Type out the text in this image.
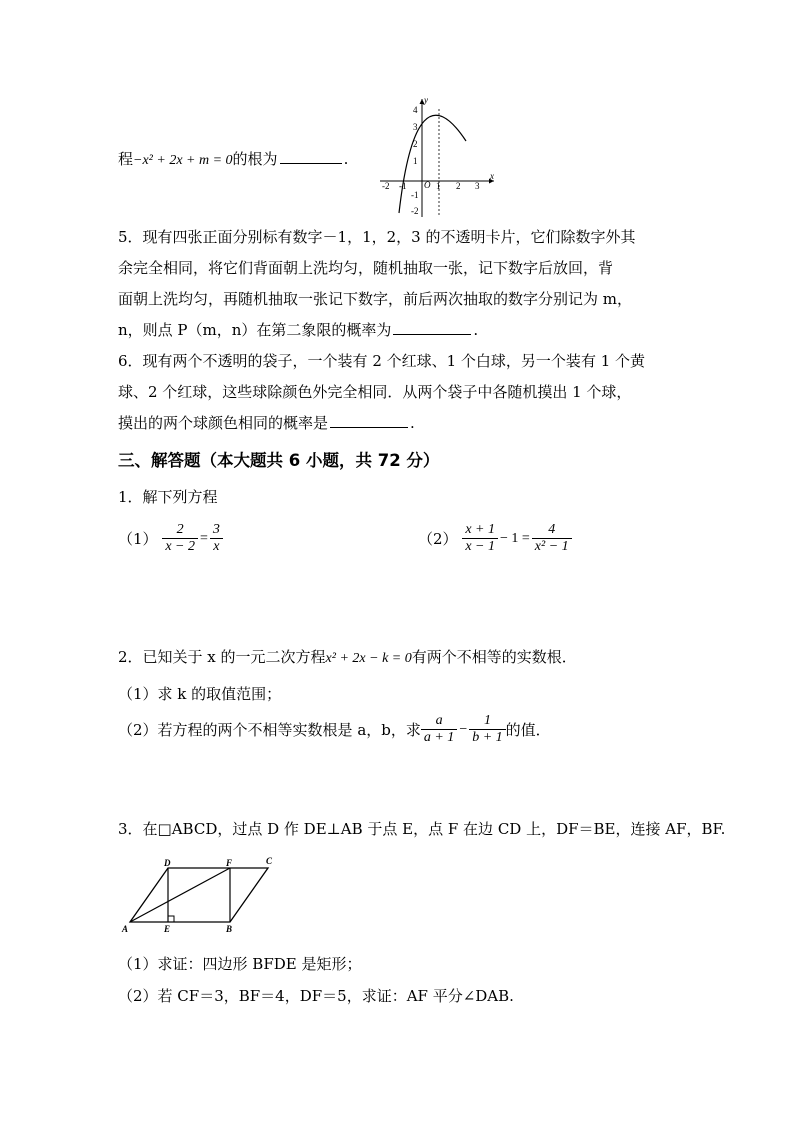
程−x² + 2x + m = 0的根为	.
x
y
O
-2 -1	1 2 3
4
3
2
1
-1
-2
5．现有四张正面分别标有数字－1，1，2，3 的不透明卡片，它们除数字外其
余完全相同，将它们背面朝上洗均匀，随机抽取一张，记下数字后放回，背
面朝上洗均匀，再随机抽取一张记下数字，前后两次抽取的数字分别记为 m，
n，则点 P（m，n）在第二象限的概率为	.
6．现有两个不透明的袋子，一个装有 2 个红球、1 个白球，另一个装有 1 个黄
球、2 个红球，这些球除颜色外完全相同．从两个袋子中各随机摸出 1 个球，
摸出的两个球颜色相同的概率是	.
三、解答题（本大题共 6 小题，共 72 分）
1．解下列方程
$(1) \frac{2}{x - 2} = \frac{3}{x}$	$(2) \frac{x + 1}{x - 1} - 1 = \frac{4}{\text{x² − 1}}$
2．已知关于 x 的一元二次方程x² + 2x − k = 0有两个不相等的实数根．
（1）求 k 的取值范围；
（2）若方程的两个不相等实数根是 a，b，求 $\frac{a}{a + 1} - \frac{1}{b + 1}$ 的值．
3．在□ABCD，过点 D 作 DE⊥AB 于点 E，点 F 在边 CD 上，DF＝BE，连接 AF，BF.
A	E	B
D	F	C
（1）求证：四边形 BFDE 是矩形；
（2）若 CF＝3，BF＝4，DF＝5，求证：AF 平分∠DAB.
